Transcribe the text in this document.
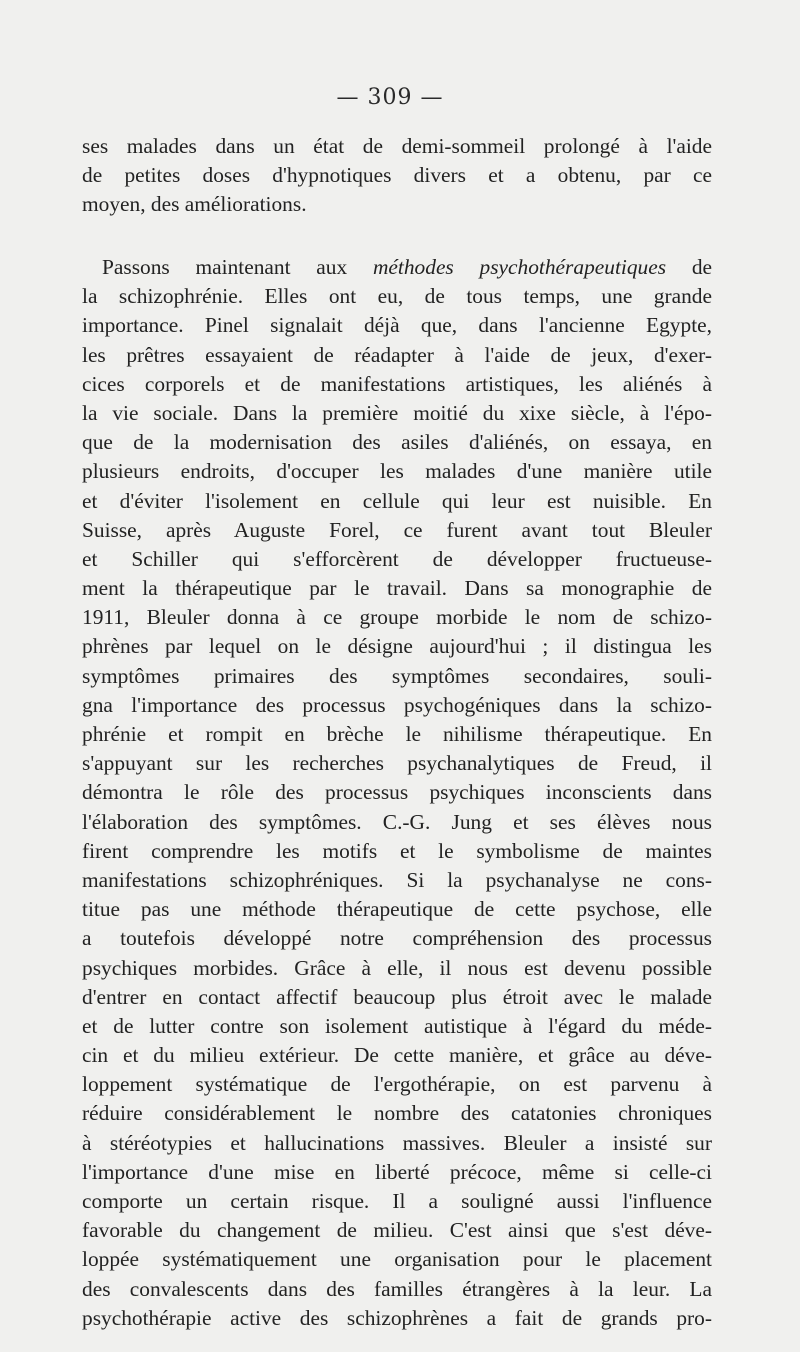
— 309 —
ses malades dans un état de demi-sommeil prolongé à l'aide
de petites doses d'hypnotiques divers et a obtenu, par ce
moyen, des améliorations.
Passons maintenant aux méthodes psychothérapeutiques de
la schizophrénie. Elles ont eu, de tous temps, une grande
importance. Pinel signalait déjà que, dans l'ancienne Egypte,
les prêtres essayaient de réadapter à l'aide de jeux, d'exer-
cices corporels et de manifestations artistiques, les aliénés à
la vie sociale. Dans la première moitié du xixe siècle, à l'épo-
que de la modernisation des asiles d'aliénés, on essaya, en
plusieurs endroits, d'occuper les malades d'une manière utile
et d'éviter l'isolement en cellule qui leur est nuisible. En
Suisse, après Auguste Forel, ce furent avant tout Bleuler
et Schiller qui s'efforcèrent de développer fructueuse-
ment la thérapeutique par le travail. Dans sa monographie de
1911, Bleuler donna à ce groupe morbide le nom de schizo-
phrènes par lequel on le désigne aujourd'hui ; il distingua les
symptômes primaires des symptômes secondaires, souli-
gna l'importance des processus psychogéniques dans la schizo-
phrénie et rompit en brèche le nihilisme thérapeutique. En
s'appuyant sur les recherches psychanalytiques de Freud, il
démontra le rôle des processus psychiques inconscients dans
l'élaboration des symptômes. C.-G. Jung et ses élèves nous
firent comprendre les motifs et le symbolisme de maintes
manifestations schizophréniques. Si la psychanalyse ne cons-
titue pas une méthode thérapeutique de cette psychose, elle
a toutefois développé notre compréhension des processus
psychiques morbides. Grâce à elle, il nous est devenu possible
d'entrer en contact affectif beaucoup plus étroit avec le malade
et de lutter contre son isolement autistique à l'égard du méde-
cin et du milieu extérieur. De cette manière, et grâce au déve-
loppement systématique de l'ergothérapie, on est parvenu à
réduire considérablement le nombre des catatonies chroniques
à stéréotypies et hallucinations massives. Bleuler a insisté sur
l'importance d'une mise en liberté précoce, même si celle-ci
comporte un certain risque. Il a souligné aussi l'influence
favorable du changement de milieu. C'est ainsi que s'est déve-
loppée systématiquement une organisation pour le placement
des convalescents dans des familles étrangères à la leur. La
psychothérapie active des schizophrènes a fait de grands pro-
